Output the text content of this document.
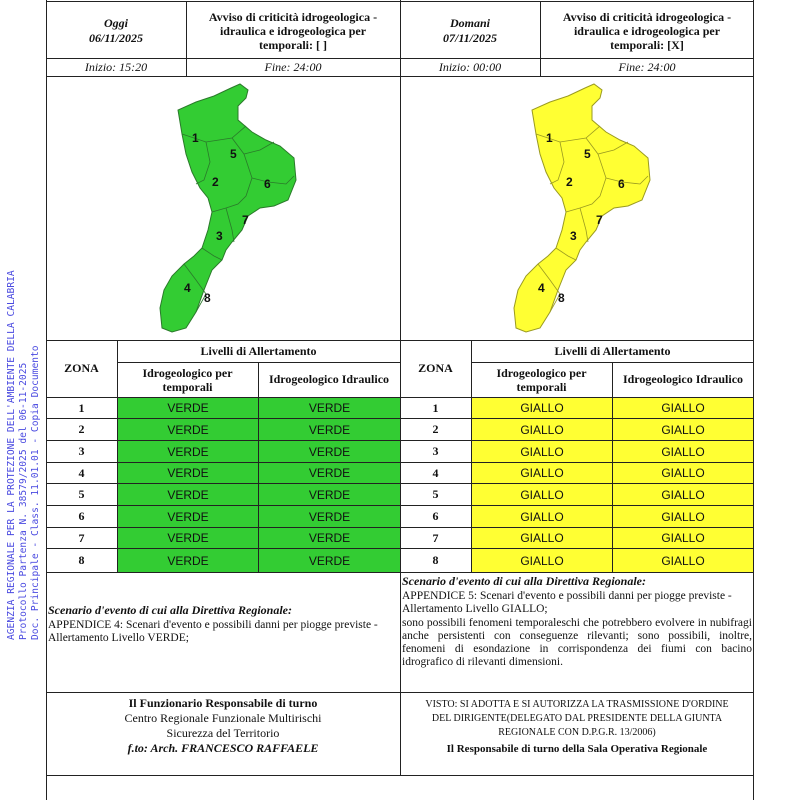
AGENZIA REGIONALE PER LA PROTEZIONE DELL'AMBIENTE DELLA CALABRIA Protocollo Partenza N. 38579/2025 del 06-11-2025 Doc. Principale - Class. 11.01.01 - Copia Documento
Oggi
06/11/2025
Avviso di criticità idrogeologica - idraulica e idrogeologica per temporali: [ ]
Inizio: 15:20	Fine: 24:00
Domani
07/11/2025
Avviso di criticità idrogeologica - idraulica e idrogeologica per temporali: [X]
Inizio: 00:00	Fine: 24:00
1
5
2	6
7
3
4
8
1
5
2	6
7
3
4
8
ZONA
Livelli di Allertamento
Idrogeologico per temporali
Idrogeologico Idraulico
ZONA
Livelli di Allertamento
Idrogeologico per temporali
Idrogeologico Idraulico
1	VERDE	VERDE	1	GIALLO	GIALLO
2	VERDE	VERDE	2	GIALLO	GIALLO
3	VERDE	VERDE	3	GIALLO	GIALLO
4	VERDE	VERDE	4	GIALLO	GIALLO
5	VERDE	VERDE	5	GIALLO	GIALLO
6	VERDE	VERDE	6	GIALLO	GIALLO
7	VERDE	VERDE	7	GIALLO	GIALLO
8	VERDE	VERDE	8	GIALLO	GIALLO
Scenario d'evento di cui alla Direttiva Regionale:
APPENDICE 4: Scenari d'evento e possibili danni per piogge previste - Allertamento Livello VERDE;
Scenario d'evento di cui alla Direttiva Regionale:
APPENDICE 5: Scenari d'evento e possibili danni per piogge previste - Allertamento Livello GIALLO;
sono possibili fenomeni temporaleschi che potrebbero evolvere in nubifragi anche persistenti con conseguenze rilevanti; sono possibili, inoltre, fenomeni di esondazione in corrispondenza dei fiumi con bacino idrografico di rilevanti dimensioni.
Il Funzionario Responsabile di turno
Centro Regionale Funzionale Multirischi
Sicurezza del Territorio
f.to: Arch. FRANCESCO RAFFAELE
VISTO: SI ADOTTA E SI AUTORIZZA LA TRASMISSIONE D'ORDINE
DEL DIRIGENTE(DELEGATO DAL PRESIDENTE DELLA GIUNTA
REGIONALE CON D.P.G.R. 13/2006)
Il Responsabile di turno della Sala Operativa Regionale
